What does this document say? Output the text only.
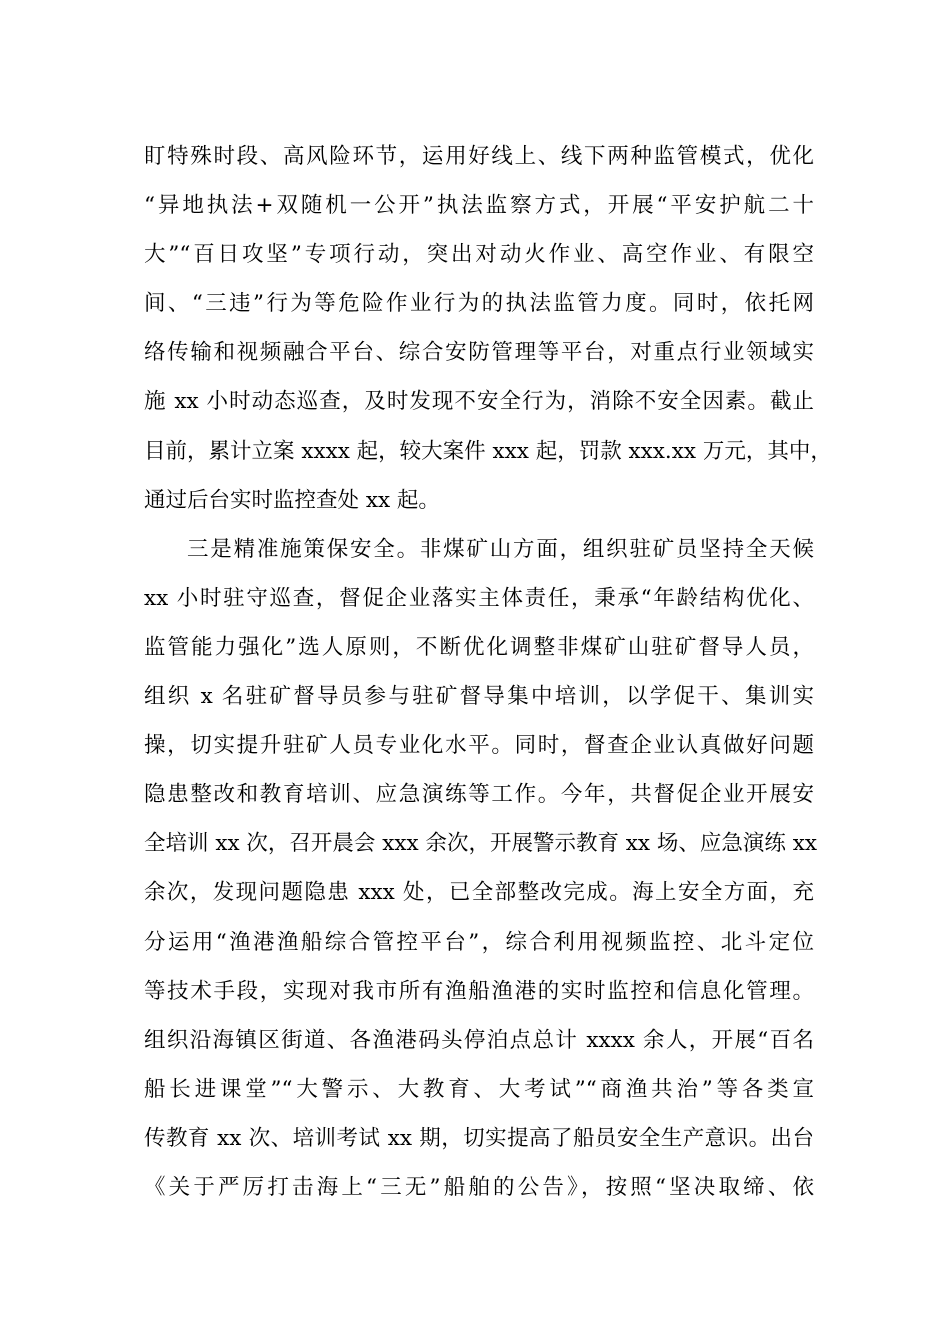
盯特殊时段、高风险环节，运用好线上、线下两种监管模式，优化
“异地执法+双随机一公开”执法监察方式，开展“平安护航二十
大”“百日攻坚”专项行动，突出对动火作业、高空作业、有限空
间、“三违”行为等危险作业行为的执法监管力度。同时，依托网
络传输和视频融合平台、综合安防管理等平台，对重点行业领域实
施 xx 小时动态巡查，及时发现不安全行为，消除不安全因素。截止
目前，累计立案 xxxx 起，较大案件 xxx 起，罚款 xxx.xx 万元，其中，
通过后台实时监控查处 xx 起。
三是精准施策保安全。非煤矿山方面，组织驻矿员坚持全天候
xx 小时驻守巡查，督促企业落实主体责任，秉承“年龄结构优化、
监管能力强化”选人原则，不断优化调整非煤矿山驻矿督导人员，
组织 x 名驻矿督导员参与驻矿督导集中培训，以学促干、集训实
操，切实提升驻矿人员专业化水平。同时，督查企业认真做好问题
隐患整改和教育培训、应急演练等工作。今年，共督促企业开展安
全培训 xx 次，召开晨会 xxx 余次，开展警示教育 xx 场、应急演练 xx
余次，发现问题隐患 xxx 处，已全部整改完成。海上安全方面，充
分运用“渔港渔船综合管控平台”，综合利用视频监控、北斗定位
等技术手段，实现对我市所有渔船渔港的实时监控和信息化管理。
组织沿海镇区街道、各渔港码头停泊点总计 xxxx 余人，开展“百名
船长进课堂”“大警示、大教育、大考试”“商渔共治”等各类宣
传教育 xx 次、培训考试 xx 期，切实提高了船员安全生产意识。出台
《关于严厉打击海上“三无”船舶的公告》，按照“坚决取缔、依
